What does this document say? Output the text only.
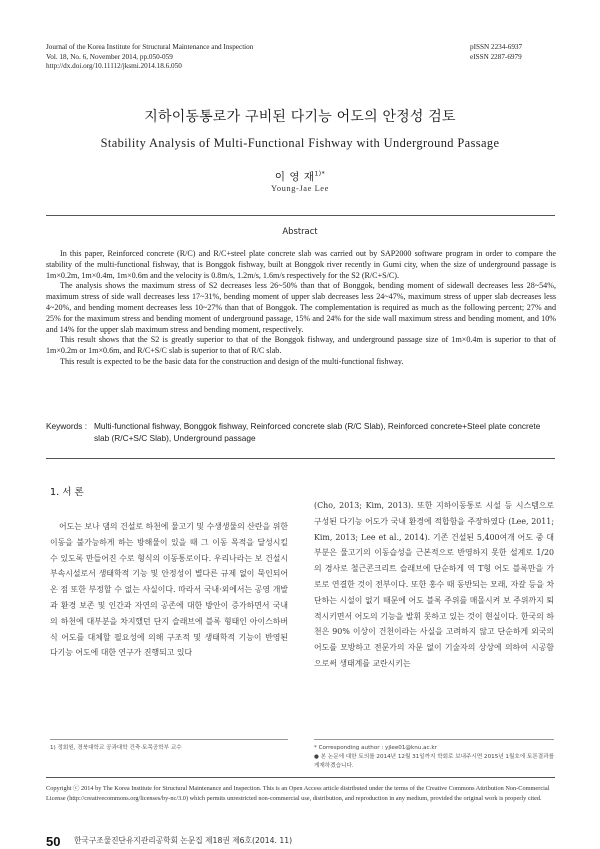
Journal of the Korea Institute for Structural Maintenance and Inspection
Vol. 18, No. 6, November 2014, pp.050-059
http://dx.doi.org/10.11112/jksmi.2014.18.6.050
pISSN 2234-6937
eISSN 2287-6979
지하이동통로가 구비된 다기능 어도의 안정성 검토
Stability Analysis of Multi-Functional Fishway with Underground Passage
이 영 재$^{1)*}$
Young-Jae Lee
Abstract

In this paper, Reinforced concrete (R/C) and R/C+steel plate concrete slab was carried out by SAP2000 software program in order to compare the stability of the multi-functional fishway, that is Bonggok fishway, built at Bonggok river recently in Gumi city, when the size of underground passage is 1m×0.2m, 1m×0.4m, 1m×0.6m and the velocity is 0.8m/s, 1.2m/s, 1.6m/s respectively for the S2 (R/C+S/C).

The analysis shows the maximum stress of S2 decreases less 26~50% than that of Bonggok, bending moment of sidewall decreases less 28~54%, maximum stress of side wall decreases less 17~31%, bending moment of upper slab decreases less 24~47%, maximum stress of upper slab decreases less 4~20%, and bending moment decreases less 10~27% than that of Bonggok. The complementation is required as much as the following percent; 27% and 25% for the maximum stress and bending moment of underground passage, 15% and 24% for the side wall maximum stress and bending moment, and 10% and 14% for the upper slab maximum stress and bending moment, respectively.

This result shows that the S2 is greatly superior to that of the Bonggok fishway, and underground passage size of 1m×0.4m is superior to that of 1m×0.2m or 1m×0.6m, and R/C+S/C slab is superior to that of R/C slab.

This result is expected to be the basic data for the construction and design of the multi-functional fishway.

Keywords : Multi-functional fishway, Bonggok fishway, Reinforced concrete slab (R/C Slab), Reinforced concrete+Steel plate concrete slab (R/C+S/C Slab), Underground passage
1. 서 론

어도는 보나 댐의 건설로 하천에 물고기 및 수생생물의 산란을 위한 이동을 불가능하게 하는 방해물이 있을 때 그 이동 목적을 달성시킬 수 있도록 만들어진 수로 형식의 이동통로이다. 우리나라는 보 건설시 부속시설로서 생태학적 기능 및 안정성이 별다른 규제 없이 묵인되어 온 점 또한 부정할 수 없는 사실이다. 따라서 국내·외에서는 공영 개발과 환경 보존 및 인간과 자연의 공존에 대한 방안이 증가하면서 국내의 하천에 대부분을 차지했던 단지 슬래브에 블록 형태인 아이스하버식 어도를 대체할 필요성에 의해 구조적 및 생태학적 기능이 반영된 다기능 어도에 대한 연구가 진행되고 있다

(Cho, 2013; Kim, 2013). 또한 지하이동통로 시설 등 시스템으로 구성된 다기능 어도가 국내 환경에 적합함을 주장하였다 (Lee, 2011; Kim, 2013; Lee et al., 2014). 기존 건설된 5,400여개 어도 중 대부분은 물고기의 이동습성을 근본적으로 반영하지 못한 설계로 1/20 의 경사로 철근콘크리트 슬래브에 단순하게 역 T형 어도 블록만을 가로로 연결한 것이 전부이다. 또한 홍수 때 동반되는 모래, 자갈 등을 차단하는 시설이 없기 때문에 어도 블록 주위를 매몰시켜 보 주위까지 퇴적시키면서 어도의 기능을 발휘 못하고 있는 것이 현실이다. 한국의 하천은 90% 이상이 건천이라는 사실을 고려하지 않고 단순하게 외국의 어도를 모방하고 전문가의 자문 없이 기술자의 상상에 의하여 시공함으로써 생태계를 교란시키는

1) 정회원, 경북대학교 공과대학 건축·토목공학부 교수	* Corresponding author : yjlee01@knu.ac.kr
● 본 논문에 대한 토의를 2014년 12월 31일까지 학회로 보내주시면 2015년 1월호에 토론결과를 게재하겠습니다.
Copyright ⓒ 2014 by The Korea Institute for Structural Maintenance and Inspection. This is an Open Access article distributed under the terms of the Creative Commons Attribution Non-Commercial License (http://creativecommons.org/licenses/by-nc/3.0) which permits unrestricted non-commercial use, distribution, and reproduction in any medium, provided the original work is properly cited.
50 한국구조물진단유지관리공학회 논문집 제18권 제6호(2014. 11)
